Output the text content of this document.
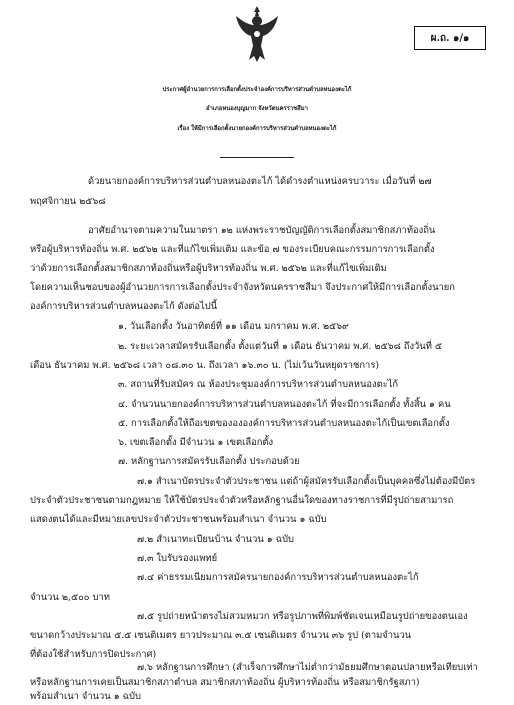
ผ.ถ. ๑/๑
ประกาศผู้อำนวยการการเลือกตั้งประจำองค์การบริหารส่วนตำบลหนองตะไก้
อำเภอหนองบุญมาก จังหวัดนครราชสีมา
เรื่อง ให้มีการเลือกตั้งนายกองค์การบริหารส่วนตำบลหนองตะไก้
ด้วยนายกองค์การบริหารส่วนตำบลหนองตะไก้ ได้ดำรงตำแหน่งครบวาระ เมื่อวันที่ ๒๗
พฤศจิกายน ๒๕๖๘
อาศัยอำนาจตามความในมาตรา ๑๒ แห่งพระราชบัญญัติการเลือกตั้งสมาชิกสภาท้องถิ่น
หรือผู้บริหารท้องถิ่น พ.ศ. ๒๕๖๒ และที่แก้ไขเพิ่มเติม และข้อ ๗ ของระเบียบคณะกรรมการการเลือกตั้ง
ว่าด้วยการเลือกตั้งสมาชิกสภาท้องถิ่นหรือผู้บริหารท้องถิ่น พ.ศ. ๒๕๖๒ และที่แก้ไขเพิ่มเติม
โดยความเห็นชอบของผู้อำนวยการการเลือกตั้งประจำจังหวัดนครราชสีมา จึงประกาศให้มีการเลือกตั้งนายก
องค์การบริหารส่วนตำบลหนองตะไก้ ดังต่อไปนี้
๑. วันเลือกตั้ง วันอาทิตย์ที่ ๑๑ เดือน มกราคม พ.ศ. ๒๕๖๙
๒. ระยะเวลาสมัครรับเลือกตั้ง ตั้งแต่วันที่ ๑ เดือน ธันวาคม พ.ศ. ๒๕๖๘ ถึงวันที่ ๕
เดือน ธันวาคม พ.ศ. ๒๕๖๘ เวลา ๐๘.๓๐ น. ถึงเวลา ๑๖.๓๐ น. (ไม่เว้นวันหยุดราชการ)
๓. สถานที่รับสมัคร ณ ห้องประชุมองค์การบริหารส่วนตำบลหนองตะไก้
๔. จำนวนนายกองค์การบริหารส่วนตำบลหนองตะไก้ ที่จะมีการเลือกตั้ง ทั้งสิ้น ๑ คน
๕. การเลือกตั้งให้ถือเขตของององค์การบริหารส่วนตำบลหนองตะไก้เป็นเขตเลือกตั้ง
๖. เขตเลือกตั้ง มีจำนวน ๑ เขตเลือกตั้ง
๗. หลักฐานการสมัครรับเลือกตั้ง ประกอบด้วย
๗.๑ สำเนาบัตรประจำตัวประชาชน แต่ถ้าผู้สมัครรับเลือกตั้งเป็นบุคคลซึ่งไม่ต้องมีบัตร
ประจำตัวประชาชนตามกฎหมาย ให้ใช้บัตรประจำตัวหรือหลักฐานอื่นใดของทางราชการที่มีรูปถ่ายสามารถ
แสดงตนได้และมีหมายเลขประจำตัวประชาชนพร้อมสำเนา จำนวน ๑ ฉบับ
๗.๒ สำเนาทะเบียนบ้าน จำนวน ๑ ฉบับ
๗.๓ ใบรับรองแพทย์
๗.๔ ค่าธรรมเนียมการสมัครนายกองค์การบริหารส่วนตำบลหนองตะไก้
จำนวน ๒,๕๐๐ บาท
๗.๕ รูปถ่ายหน้าตรงไม่สวมหมวก หรือรูปภาพที่พิมพ์ชัดเจนเหมือนรูปถ่ายของตนเอง
ขนาดกว้างประมาณ ๕.๕ เซนติเมตร ยาวประมาณ ๓.๕ เซนติเมตร จำนวน ๓๖ รูป (ตามจำนวน
ที่ต้องใช้สำหรับการปิดประกาศ)
๗.๖ หลักฐานการศึกษา (สำเร็จการศึกษาไม่ต่ำกว่ามัธยมศึกษาตอนปลายหรือเทียบเท่า
หรือหลักฐานการเคยเป็นสมาชิกสภาตำบล สมาชิกสภาท้องถิ่น ผู้บริหารท้องถิ่น หรือสมาชิกรัฐสภา)
พร้อมสำเนา จำนวน ๑ ฉบับ
